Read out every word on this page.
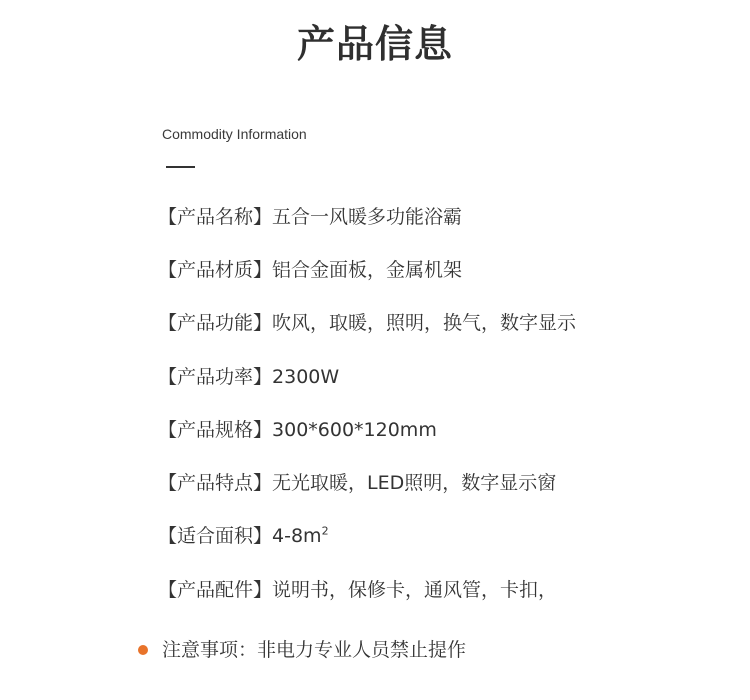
产品信息
Commodity Information
【产品名称】 五合一风暖多功能浴霸
【产品材质】 铝合金面板，金属机架
【产品功能】 吹风，取暖，照明，换气，数字显示
【产品功率】 2300W
【产品规格】 300*600*120mm
【产品特点】 无光取暖，LED照明，数字显示窗
【适合面积】 $4-8m^2$
【产品配件】 说明书，保修卡，通风管，卡扣，
注意事项： 非电力专业人员禁止提作
